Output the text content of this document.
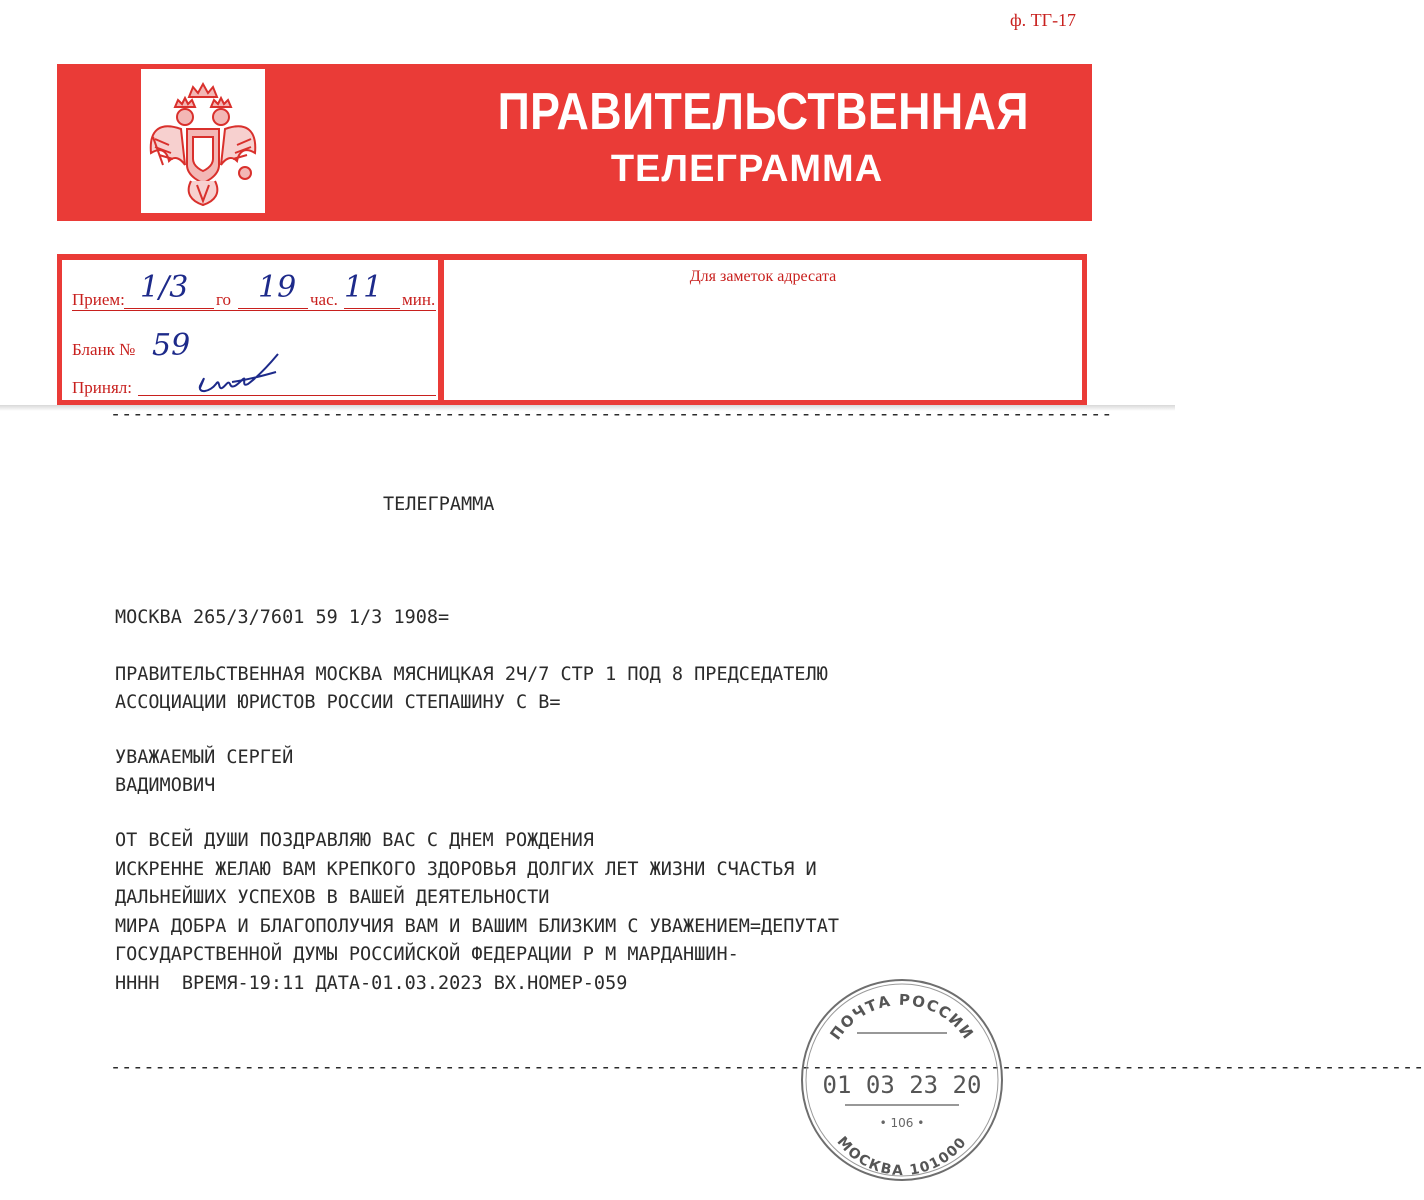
ф. ТГ-17
ПРАВИТЕЛЬСТВЕННАЯ
ТЕЛЕГРАММА
Прием: 1/3 го 19 час. 11 мин.
Бланк № 59
Принял:
Для заметок адресата
------------------------------------------------------------------------------------------
ТЕЛЕГРАММА
МОСКВА 265/3/7601 59 1/3 1908=
ПРАВИТЕЛЬСТВЕННАЯ МОСКВА МЯСНИЦКАЯ 2Ч/7 СТР 1 ПОД 8 ПРЕДСЕДАТЕЛЮ
АССОЦИАЦИИ ЮРИСТОВ РОССИИ СТЕПАШИНУ С В=
УВАЖАЕМЫЙ СЕРГЕЙ
ВАДИМОВИЧ
ОТ ВСЕЙ ДУШИ ПОЗДРАВЛЯЮ ВАС С ДНЕМ РОЖДЕНИЯ
ИСКРЕННЕ ЖЕЛАЮ ВАМ КРЕПКОГО ЗДОРОВЬЯ ДОЛГИХ ЛЕТ ЖИЗНИ СЧАСТЬЯ И
ДАЛЬНЕЙШИХ УСПЕХОВ В ВАШЕЙ ДЕЯТЕЛЬНОСТИ
МИРА ДОБРА И БЛАГОПОЛУЧИЯ ВАМ И ВАШИМ БЛИЗКИМ С УВАЖЕНИЕМ=ДЕПУТАТ
ГОСУДАРСТВЕННОЙ ДУМЫ РОССИЙСКОЙ ФЕДЕРАЦИИ Р М МАРДАНШИН-
НННН  ВРЕМЯ-19:11 ДАТА-01.03.2023 ВХ.НОМЕР-059
----------------------------------------------------------------------------------------------------------------------
ПОЧТА РОССИИ
01 03 23 20
• 106 •
МОСКВА 101000
